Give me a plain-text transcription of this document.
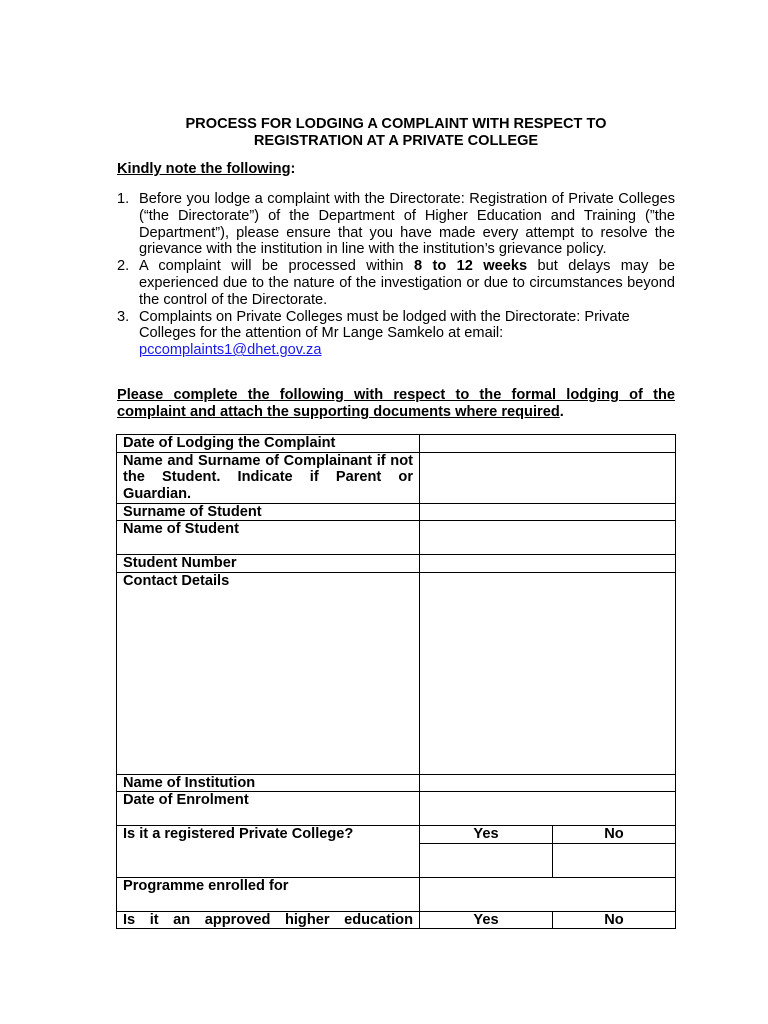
PROCESS FOR LODGING A COMPLAINT WITH RESPECT TO
REGISTRATION AT A PRIVATE COLLEGE
Kindly note the following:
1. Before you lodge a complaint with the Directorate: Registration of Private Colleges (“the Directorate”) of the Department of Higher Education and Training (”the Department”), please ensure that you have made every attempt to resolve the grievance with the institution in line with the institution’s grievance policy.
2. A complaint will be processed within 8 to 12 weeks but delays may be experienced due to the nature of the investigation or due to circumstances beyond the control of the Directorate.
3. Complaints on Private Colleges must be lodged with the Directorate: Private Colleges for the attention of Mr Lange Samkelo at email:
pccomplaints1@dhet.gov.za
Please complete the following with respect to the formal lodging of the complaint and attach the supporting documents where required.
Date of Lodging the Complaint		
Name and Surname of Complainant if not the Student. Indicate if Parent or Guardian.		
Surname of Student		
Name of Student		
Student Number		
Contact Details		
Name of Institution		
Date of Enrolment		
Is it a registered Private College?	Yes	No

Programme enrolled for		
Is it an approved higher education	Yes	No
